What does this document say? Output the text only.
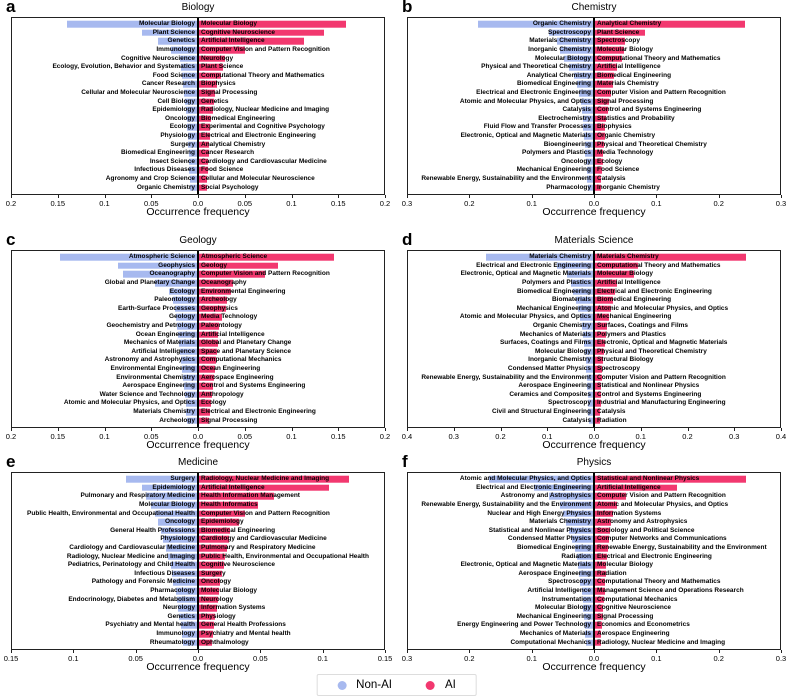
a	Biology
Molecular Biology Molecular Biology
Plant Science Cognitive Neuroscience
Genetics Artificial Intelligence
Immunology Computer Vision and Pattern Recognition
Cognitive Neuroscience Neurology
Ecology, Evolution, Behavior and Systematics Plant Science
Food Science Computational Theory and Mathematics
Cancer Research Biophysics
Cellular and Molecular Neuroscience Signal Processing
Cell Biology Genetics
Epidemiology Radiology, Nuclear Medicine and Imaging
Oncology Biomedical Engineering
Ecology Experimental and Cognitive Psychology
Physiology Electrical and Electronic Engineering
Surgery Analytical Chemistry
Biomedical Engineering Cancer Research
Insect Science Cardiology and Cardiovascular Medicine
Infectious Diseases Food Science
Agronomy and Crop Science Cellular and Molecular Neuroscience
Organic Chemistry Social Psychology
0.2	0.15	0.1	0.05	0.0	0.05	0.1	0.15	0.2
Occurrence frequency
b	Chemistry
Organic Chemistry Analytical Chemistry
Spectroscopy Plant Science
Materials Chemistry Spectroscopy
Inorganic Chemistry Molecular Biology
Molecular Biology Computational Theory and Mathematics
Physical and Theoretical Chemistry Artificial Intelligence
Analytical Chemistry Biomedical Engineering
Biomedical Engineering Materials Chemistry
Electrical and Electronic Engineering Computer Vision and Pattern Recognition
Atomic and Molecular Physics, and Optics Signal Processing
Catalysis Control and Systems Engineering
Electrochemistry Statistics and Probability
Fluid Flow and Transfer Processes Biophysics
Electronic, Optical and Magnetic Materials Organic Chemistry
Bioengineering Physical and Theoretical Chemistry
Polymers and Plastics Media Technology
Oncology Ecology
Mechanical Engineering Food Science
Renewable Energy, Sustainability and the Environment Catalysis
Pharmacology Inorganic Chemistry
0.3	0.2	0.1	0.0	0.1	0.2	0.3
Occurrence frequency
c	Geology
Atmospheric Science Atmospheric Science
Geophysics Geology
Oceanography Computer Vision and Pattern Recognition
Global and Planetary Change Oceanography
Ecology Environmental Engineering
Paleontology Archeology
Earth-Surface Processes Geophysics
Geology Media Technology
Geochemistry and Petrology Paleontology
Ocean Engineering Artificial Intelligence
Mechanics of Materials Global and Planetary Change
Artificial Intelligence Space and Planetary Science
Astronomy and Astrophysics Computational Mechanics
Environmental Engineering Ocean Engineering
Environmental Chemistry Aerospace Engineering
Aerospace Engineering Control and Systems Engineering
Water Science and Technology Anthropology
Atomic and Molecular Physics, and Optics Ecology
Materials Chemistry Electrical and Electronic Engineering
Archeology Signal Processing
0.2	0.15	0.1	0.05	0.0	0.05	0.1	0.15	0.2
Occurrence frequency
d	Materials Science
Materials Chemistry Materials Chemistry
Electrical and Electronic Engineering Computational Theory and Mathematics
Electronic, Optical and Magnetic Materials Molecular Biology
Polymers and Plastics Artificial Intelligence
Biomedical Engineering Electrical and Electronic Engineering
Biomaterials Biomedical Engineering
Mechanical Engineering Atomic and Molecular Physics, and Optics
Atomic and Molecular Physics, and Optics Mechanical Engineering
Organic Chemistry Surfaces, Coatings and Films
Mechanics of Materials Polymers and Plastics
Surfaces, Coatings and Films Electronic, Optical and Magnetic Materials
Molecular Biology Physical and Theoretical Chemistry
Inorganic Chemistry Structural Biology
Condensed Matter Physics Spectroscopy
Renewable Energy, Sustainability and the Environment Computer Vision and Pattern Recognition
Aerospace Engineering Statistical and Nonlinear Physics
Ceramics and Composites Control and Systems Engineering
Spectroscopy Industrial and Manufacturing Engineering
Civil and Structural Engineering Catalysis
Catalysis Radiation
0.4	0.3	0.2	0.1	0.0	0.1	0.2	0.3	0.4
Occurrence frequency
e	Medicine
Surgery Radiology, Nuclear Medicine and Imaging
Epidemiology Artificial Intelligence
Pulmonary and Respiratory Medicine Health Information Management
Molecular Biology Health Informatics
Public Health, Environmental and Occupational Health Computer Vision and Pattern Recognition
Oncology Epidemiology
General Health Professions Biomedical Engineering
Physiology Cardiology and Cardiovascular Medicine
Cardiology and Cardiovascular Medicine Pulmonary and Respiratory Medicine
Radiology, Nuclear Medicine and Imaging Public Health, Environmental and Occupational Health
Pediatrics, Perinatology and Child Health Cognitive Neuroscience
Infectious Diseases Surgery
Pathology and Forensic Medicine Oncology
Pharmacology Molecular Biology
Endocrinology, Diabetes and Metabolism Neurology
Neurology Information Systems
Genetics Physiology
Psychiatry and Mental health General Health Professions
Immunology Psychiatry and Mental health
Rheumatology Ophthalmology
0.15	0.1	0.05	0.0	0.05	0.1	0.15
Occurrence frequency
f	Physics
Atomic and Molecular Physics, and Optics Statistical and Nonlinear Physics
Electrical and Electronic Engineering Artificial Intelligence
Astronomy and Astrophysics Computer Vision and Pattern Recognition
Renewable Energy, Sustainability and the Environment Atomic and Molecular Physics, and Optics
Nuclear and High Energy Physics Information Systems
Materials Chemistry Astronomy and Astrophysics
Statistical and Nonlinear Physics Sociology and Political Science
Condensed Matter Physics Computer Networks and Communications
Biomedical Engineering Renewable Energy, Sustainability and the Environment
Radiation Electrical and Electronic Engineering
Electronic, Optical and Magnetic Materials Molecular Biology
Aerospace Engineering Radiation
Spectroscopy Computational Theory and Mathematics
Artificial Intelligence Management Science and Operations Research
Instrumentation Computational Mechanics
Molecular Biology Cognitive Neuroscience
Mechanical Engineering Signal Processing
Energy Engineering and Power Technology Economics and Econometrics
Mechanics of Materials Aerospace Engineering
Computational Mechanics Radiology, Nuclear Medicine and Imaging
0.3	0.2	0.1	0.0	0.1	0.2	0.3
Occurrence frequency
Non-AI	AI
